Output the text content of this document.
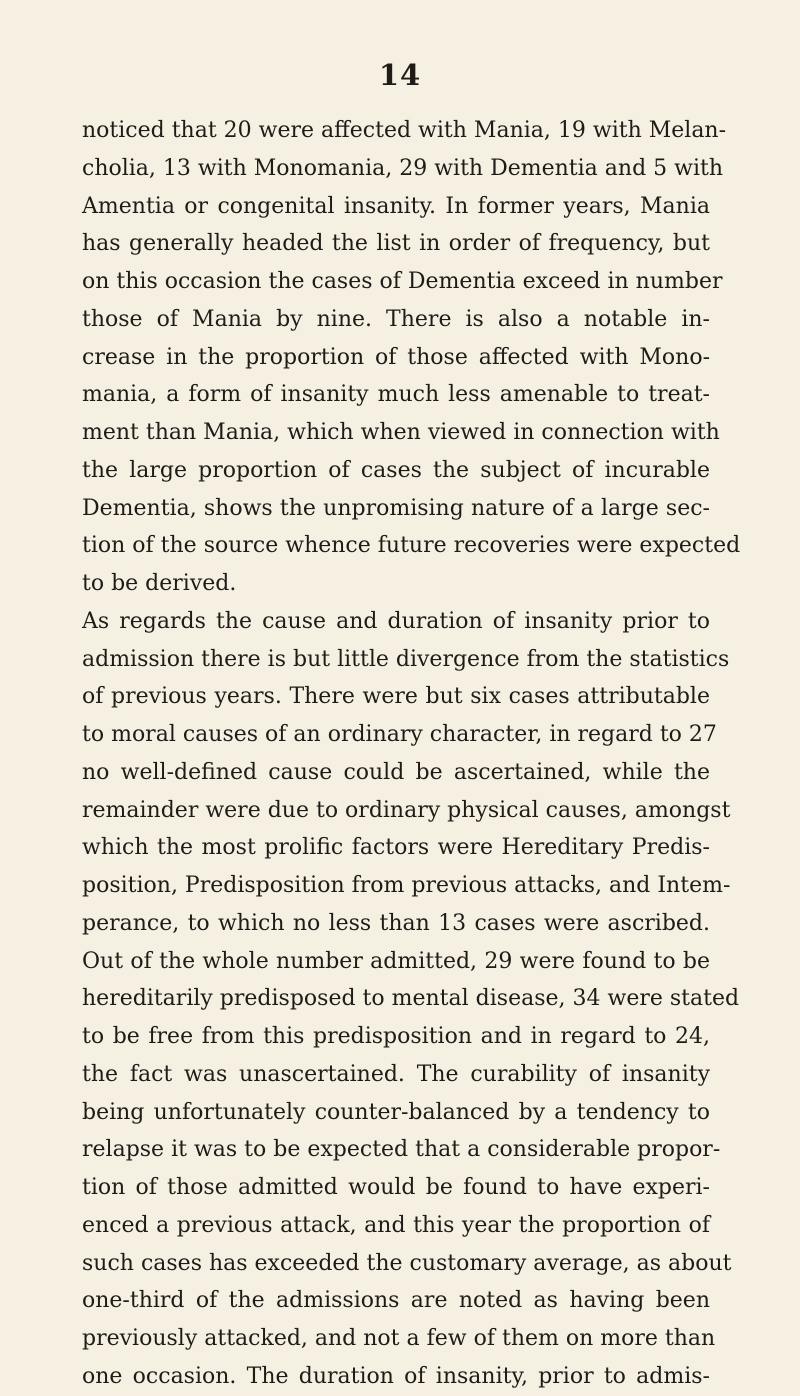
14
noticed that 20 were affected with Mania, 19 with Melan-
cholia, 13 with Monomania, 29 with Dementia and 5 with
Amentia or congenital insanity. In former years, Mania
has generally headed the list in order of frequency, but
on this occasion the cases of Dementia exceed in number
those of Mania by nine. There is also a notable in-
crease in the proportion of those affected with Mono-
mania, a form of insanity much less amenable to treat-
ment than Mania, which when viewed in connection with
the large proportion of cases the subject of incurable
Dementia, shows the unpromising nature of a large sec-
tion of the source whence future recoveries were expected
to be derived.
As regards the cause and duration of insanity prior to
admission there is but little divergence from the statistics
of previous years. There were but six cases attributable
to moral causes of an ordinary character, in regard to 27
no well-defined cause could be ascertained, while the
remainder were due to ordinary physical causes, amongst
which the most prolific factors were Hereditary Predis-
position, Predisposition from previous attacks, and Intem-
perance, to which no less than 13 cases were ascribed.
Out of the whole number admitted, 29 were found to be
hereditarily predisposed to mental disease, 34 were stated
to be free from this predisposition and in regard to 24,
the fact was unascertained. The curability of insanity
being unfortunately counter-balanced by a tendency to
relapse it was to be expected that a considerable propor-
tion of those admitted would be found to have experi-
enced a previous attack, and this year the proportion of
such cases has exceeded the customary average, as about
one-third of the admissions are noted as having been
previously attacked, and not a few of them on more than
one occasion. The duration of insanity, prior to admis-
